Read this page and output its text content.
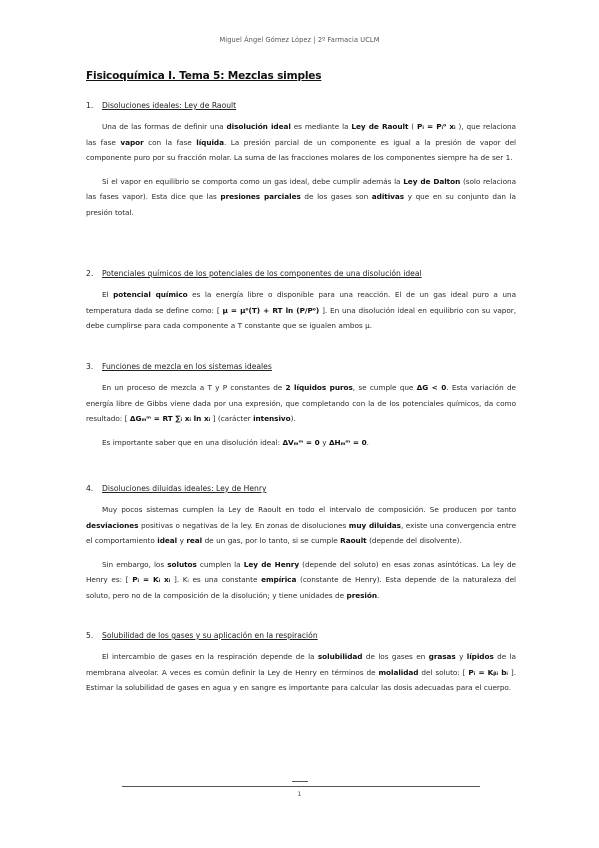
Miguel Ángel Gómez López | 2º Farmacia UCLM
Fisicoquímica I. Tema 5: Mezclas simples
1.	Disoluciones ideales: Ley de Raoult

Una de las formas de definir una disolución ideal es mediante la Ley de Raoult ( Pᵢ = Pᵢ⁰ xᵢ ), que relaciona las fase vapor con la fase líquida. La presión parcial de un componente es igual a la presión de vapor del componente puro por su fracción molar. La suma de las fracciones molares de los componentes siempre ha de ser 1.

Si el vapor en equilibrio se comporta como un gas ideal, debe cumplir además la Ley de Dalton (solo relaciona las fases vapor). Esta dice que las presiones parciales de los gases son aditivas y que en su conjunto dan la presión total.

2.	Potenciales químicos de los potenciales de los componentes de una disolución ideal

El potencial químico es la energía libre o disponible para una reacción. El de un gas ideal puro a una temperatura dada se define como: [ μ = μ⁰(T) + RT ln (P/P⁰) ]. En una disolución ideal en equilibrio con su vapor, debe cumplirse para cada componente a T constante que se igualen ambos μ.

3.	Funciones de mezcla en los sistemas ideales

En un proceso de mezcla a T y P constantes de 2 líquidos puros, se cumple que ΔG < 0. Esta variación de energía libre de Gibbs viene dada por una expresión, que completando con la de los potenciales químicos, da como resultado: [ ΔGₘᵐ = RT ∑ᵢ xᵢ ln xᵢ ] (carácter intensivo).

Es importante saber que en una disolución ideal: ΔVₘᵐ = 0 y ΔHₘᵐ = 0.

4.	Disoluciones diluidas ideales: Ley de Henry

Muy pocos sistemas cumplen la Ley de Raoult en todo el intervalo de composición. Se producen por tanto desviaciones positivas o negativas de la ley. En zonas de disoluciones muy diluidas, existe una convergencia entre el comportamiento ideal y real de un gas, por lo tanto, si se cumple Raoult (depende del disolvente).

Sin embargo, los solutos cumplen la Ley de Henry (depende del soluto) en esas zonas asintóticas. La ley de Henry es: [ Pᵢ = Kᵢ xᵢ ]. Kᵢ es una constante empírica (constante de Henry). Esta depende de la naturaleza del soluto, pero no de la composición de la disolución; y tiene unidades de presión.

5.	Solubilidad de los gases y su aplicación en la respiración

El intercambio de gases en la respiración depende de la solubilidad de los gases en grasas y lípidos de la membrana alveolar. A veces es común definir la Ley de Henry en términos de molalidad del soluto: [ Pᵢ = Kᵦᵢ bᵢ ]. Estimar la solubilidad de gases en agua y en sangre es importante para calcular las dosis adecuadas para el cuerpo.

1
